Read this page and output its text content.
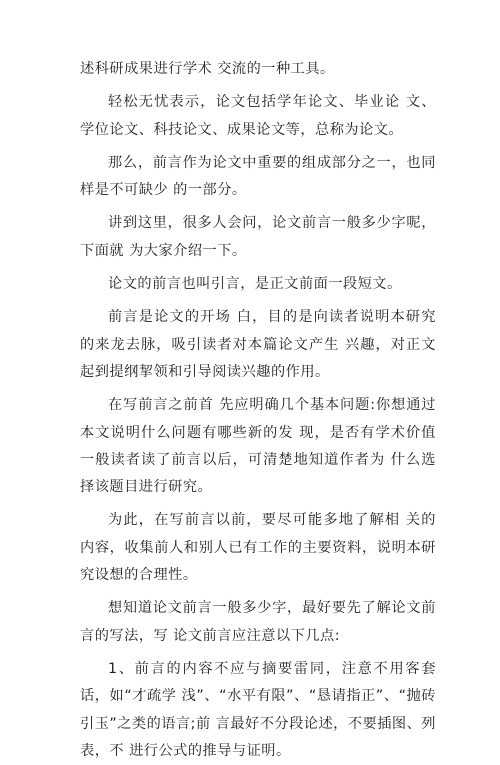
述科研成果进行学术 交流的一种工具。

轻松无忧表示，论文包括学年论文、毕业论 文、学位论文、科技论文、成果论文等，总称为论文。

那么，前言作为论文中重要的组成部分之一，也同样是不可缺少 的一部分。

讲到这里，很多人会问，论文前言一般多少字呢，下面就 为大家介绍一下。

论文的前言也叫引言，是正文前面一段短文。

前言是论文的开场 白，目的是向读者说明本研究的来龙去脉，吸引读者对本篇论文产生 兴趣，对正文起到提纲挈领和引导阅读兴趣的作用。

在写前言之前首 先应明确几个基本问题:你想通过本文说明什么问题有哪些新的发 现，是否有学术价值一般读者读了前言以后，可清楚地知道作者为 什么选 择该题目进行研究。

为此，在写前言以前，要尽可能多地了解相 关的内容，收集前人和别人已有工作的主要资料，说明本研究设想的合理性。

想知道论文前言一般多少字，最好要先了解论文前言的写法，写 论文前言应注意以下几点:

1、前言的内容不应与摘要雷同，注意不用客套话，如“才疏学 浅”、“水平有限”、“恳请指正”、“抛砖引玉”之类的语言;前 言最好不分段论述，不要插图、列表，不 进行公式的推导与证明。
